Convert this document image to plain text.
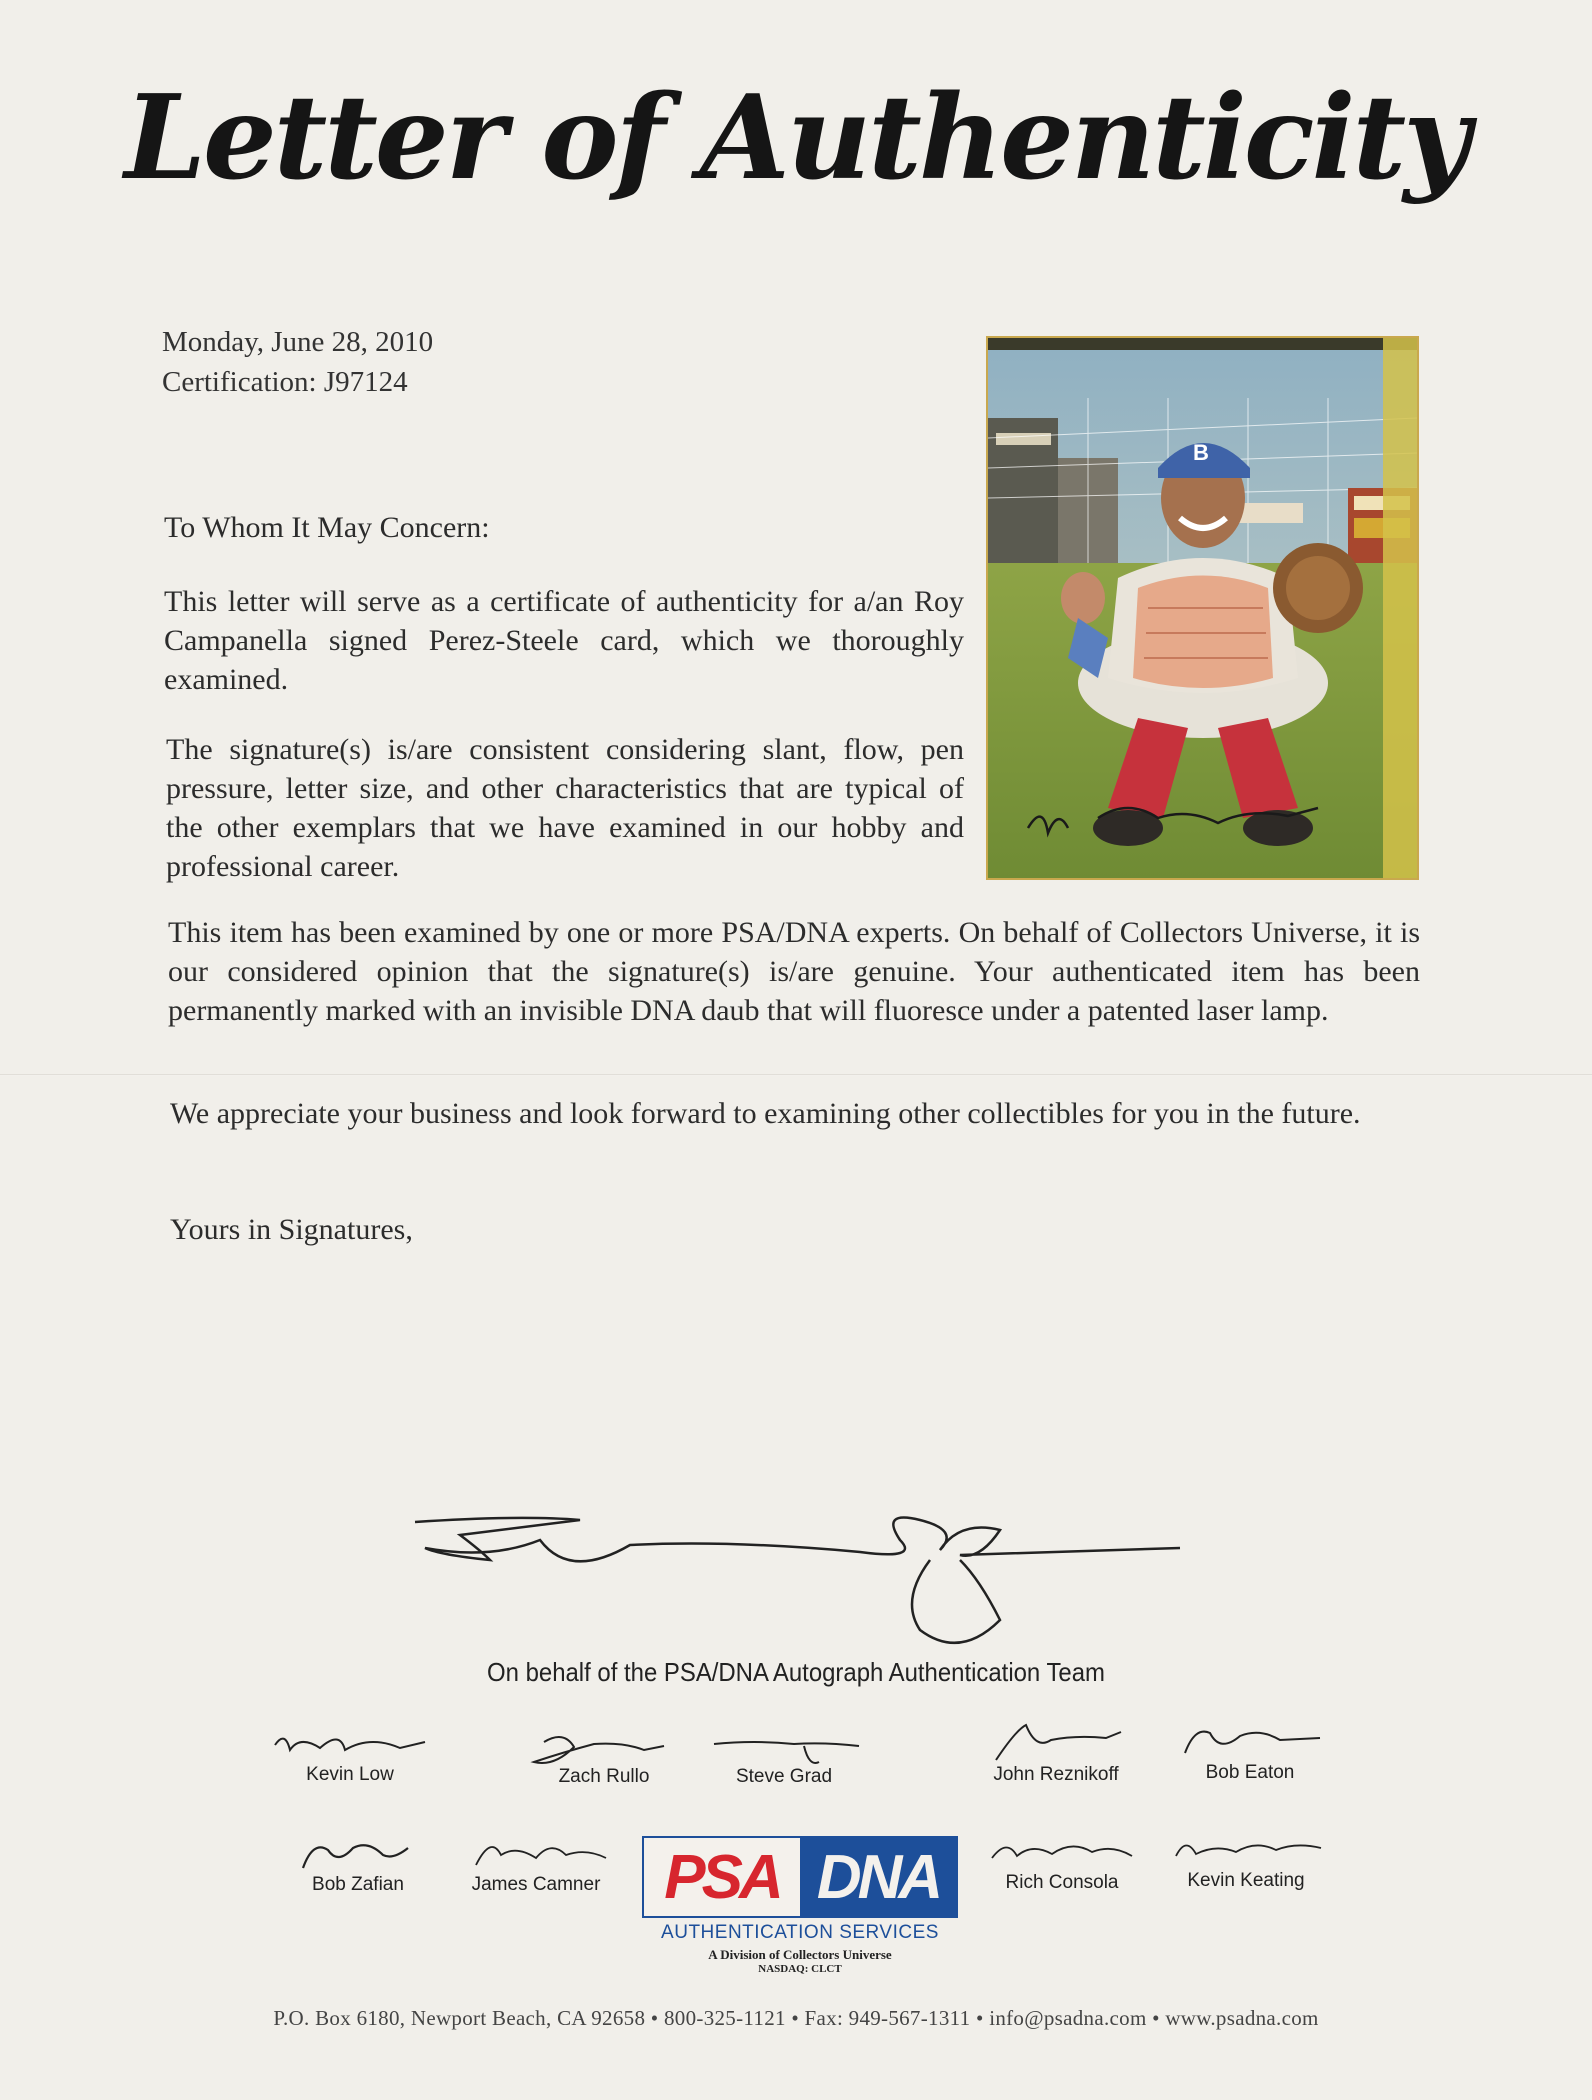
Letter of Authenticity
Monday, June 28, 2010
Certification: J97124
To Whom It May Concern:
This letter will serve as a certificate of authenticity for a/an Roy Campanella signed Perez-Steele card, which we thoroughly examined.
The signature(s) is/are consistent considering slant, flow, pen pressure, letter size, and other characteristics that are typical of the other exemplars that we have examined in our hobby and professional career.
This item has been examined by one or more PSA/DNA experts. On behalf of Collectors Universe, it is our considered opinion that the signature(s) is/are genuine. Your authenticated item has been permanently marked with an invisible DNA daub that will fluoresce under a patented laser lamp.
We appreciate your business and look forward to examining other collectibles for you in the future.
Yours in Signatures,
B
On behalf of the PSA/DNA Autograph Authentication Team
Kevin Low	Zach Rullo	Steve Grad	John Reznikoff	Bob Eaton
Bob Zafian	James Camner	Rich Consola	Kevin Keating
PSA DNA
AUTHENTICATION SERVICES
A Division of Collectors Universe
NASDAQ: CLCT
P.O. Box 6180, Newport Beach, CA 92658 • 800-325-1121 • Fax: 949-567-1311 • info@psadna.com • www.psadna.com
